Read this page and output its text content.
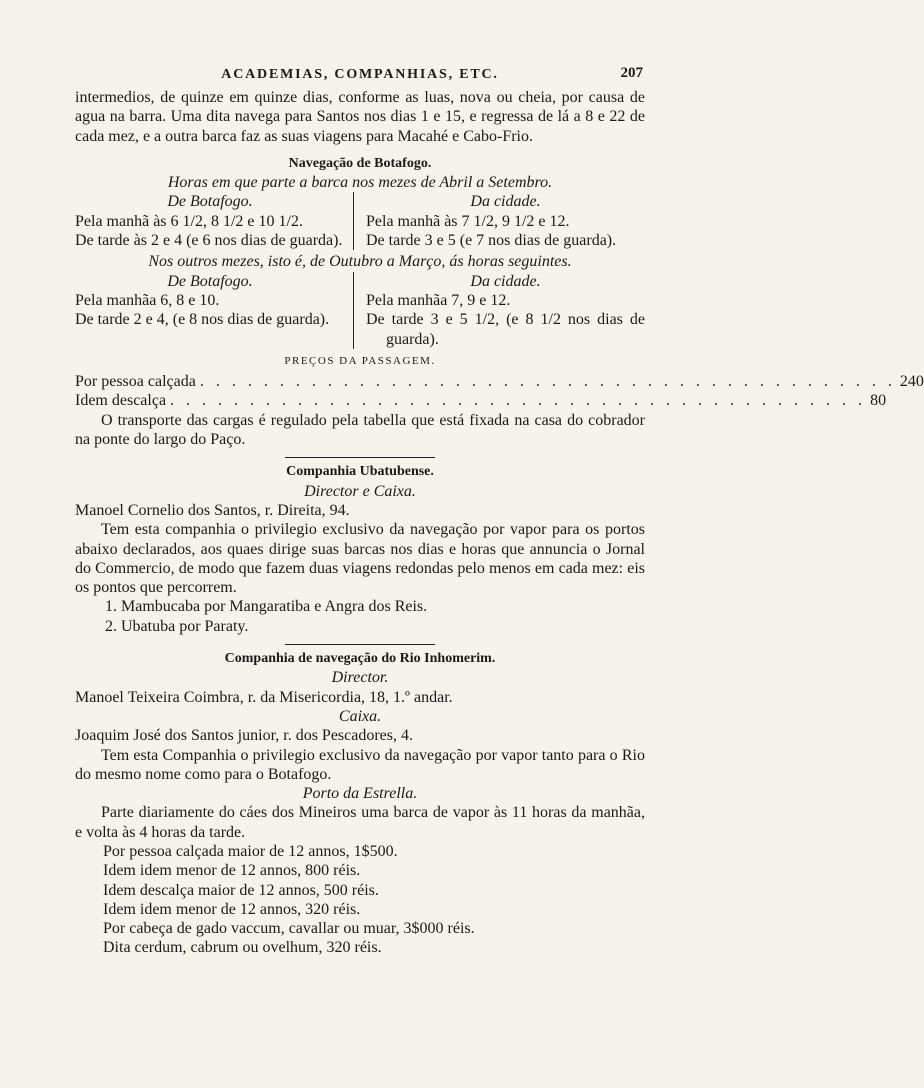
ACADEMIAS, COMPANHIAS, ETC.	207
intermedios, de quinze em quinze dias, conforme as luas, nova ou cheia, por causa de agua na barra. Uma dita navega para Santos nos dias 1 e 15, e regressa de lá a 8 e 22 de cada mez, e a outra barca faz as suas viagens para Macahé e Cabo-Frio.
Navegação de Botafogo.
Horas em que parte a barca nos mezes de Abril a Setembro.
De Botafogo.
Pela manhã às 6 1/2, 8 1/2 e 10 1/2.
De tarde às 2 e 4 (e 6 nos dias de guarda).
Da cidade.
Pela manhã às 7 1/2, 9 1/2 e 12.
De tarde 3 e 5 (e 7 nos dias de guarda).
Nos outros mezes, isto é, de Outubro a Março, ás horas seguintes.
De Botafogo.
Pela manhãa 6, 8 e 10.
De tarde 2 e 4, (e 8 nos dias de guarda).
Da cidade.
Pela manhãa 7, 9 e 12.
De tarde 3 e 5 1/2, (e 8 1/2 nos dias de guarda).
PREÇOS DA PASSAGEM.
Por pessoa calçada . . . . . . . . . . . . . . . . . . . . . . . . . . . . . . . . . . . . . . . . . . . . 240
Idem descalça . . . . . . . . . . . . . . . . . . . . . . . . . . . . . . . . . . . . . . . . . . . . 80
O transporte das cargas é regulado pela tabella que está fixada na casa do cobrador na ponte do largo do Paço.
Companhia Ubatubense.
Director e Caixa.
Manoel Cornelio dos Santos, r. Direita, 94.
Tem esta companhia o privilegio exclusivo da navegação por vapor para os portos abaixo declarados, aos quaes dirige suas barcas nos dias e horas que annuncia o Jornal do Commercio, de modo que fazem duas viagens redondas pelo menos em cada mez: eis os pontos que percorrem.
1. Mambucaba por Mangaratiba e Angra dos Reis.
2. Ubatuba por Paraty.
Companhia de navegação do Rio Inhomerim.
Director.
Manoel Teixeira Coimbra, r. da Misericordia, 18, 1.º andar.
Caixa.
Joaquim José dos Santos junior, r. dos Pescadores, 4.
Tem esta Companhia o privilegio exclusivo da navegação por vapor tanto para o Rio do mesmo nome como para o Botafogo.
Porto da Estrella.
Parte diariamente do cáes dos Mineiros uma barca de vapor às 11 horas da manhãa, e volta às 4 horas da tarde.
Por pessoa calçada maior de 12 annos, 1$500.
Idem idem menor de 12 annos, 800 réis.
Idem descalça maior de 12 annos, 500 réis.
Idem idem menor de 12 annos, 320 réis.
Por cabeça de gado vaccum, cavallar ou muar, 3$000 réis.
Dita cerdum, cabrum ou ovelhum, 320 réis.
